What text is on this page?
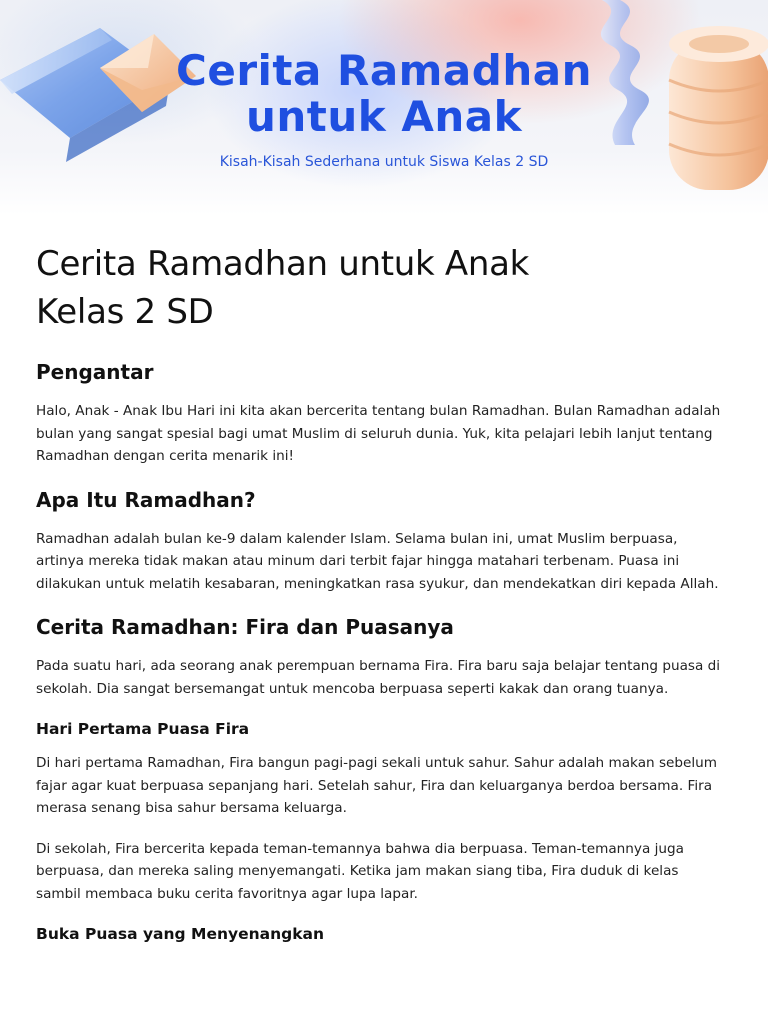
Cerita Ramadhan
untuk Anak
Kisah-Kisah Sederhana untuk Siswa Kelas 2 SD
Cerita Ramadhan untuk Anak
Kelas 2 SD
Pengantar

Halo, Anak - Anak Ibu Hari ini kita akan bercerita tentang bulan Ramadhan. Bulan Ramadhan adalah bulan yang sangat spesial bagi umat Muslim di seluruh dunia. Yuk, kita pelajari lebih lanjut tentang Ramadhan dengan cerita menarik ini!

Apa Itu Ramadhan?

Ramadhan adalah bulan ke-9 dalam kalender Islam. Selama bulan ini, umat Muslim berpuasa, artinya mereka tidak makan atau minum dari terbit fajar hingga matahari terbenam. Puasa ini dilakukan untuk melatih kesabaran, meningkatkan rasa syukur, dan mendekatkan diri kepada Allah.

Cerita Ramadhan: Fira dan Puasanya

Pada suatu hari, ada seorang anak perempuan bernama Fira. Fira baru saja belajar tentang puasa di sekolah. Dia sangat bersemangat untuk mencoba berpuasa seperti kakak dan orang tuanya.

Hari Pertama Puasa Fira

Di hari pertama Ramadhan, Fira bangun pagi-pagi sekali untuk sahur. Sahur adalah makan sebelum fajar agar kuat berpuasa sepanjang hari. Setelah sahur, Fira dan keluarganya berdoa bersama. Fira merasa senang bisa sahur bersama keluarga.

Di sekolah, Fira bercerita kepada teman-temannya bahwa dia berpuasa. Teman-temannya juga berpuasa, dan mereka saling menyemangati. Ketika jam makan siang tiba, Fira duduk di kelas sambil membaca buku cerita favoritnya agar lupa lapar.

Buka Puasa yang Menyenangkan
